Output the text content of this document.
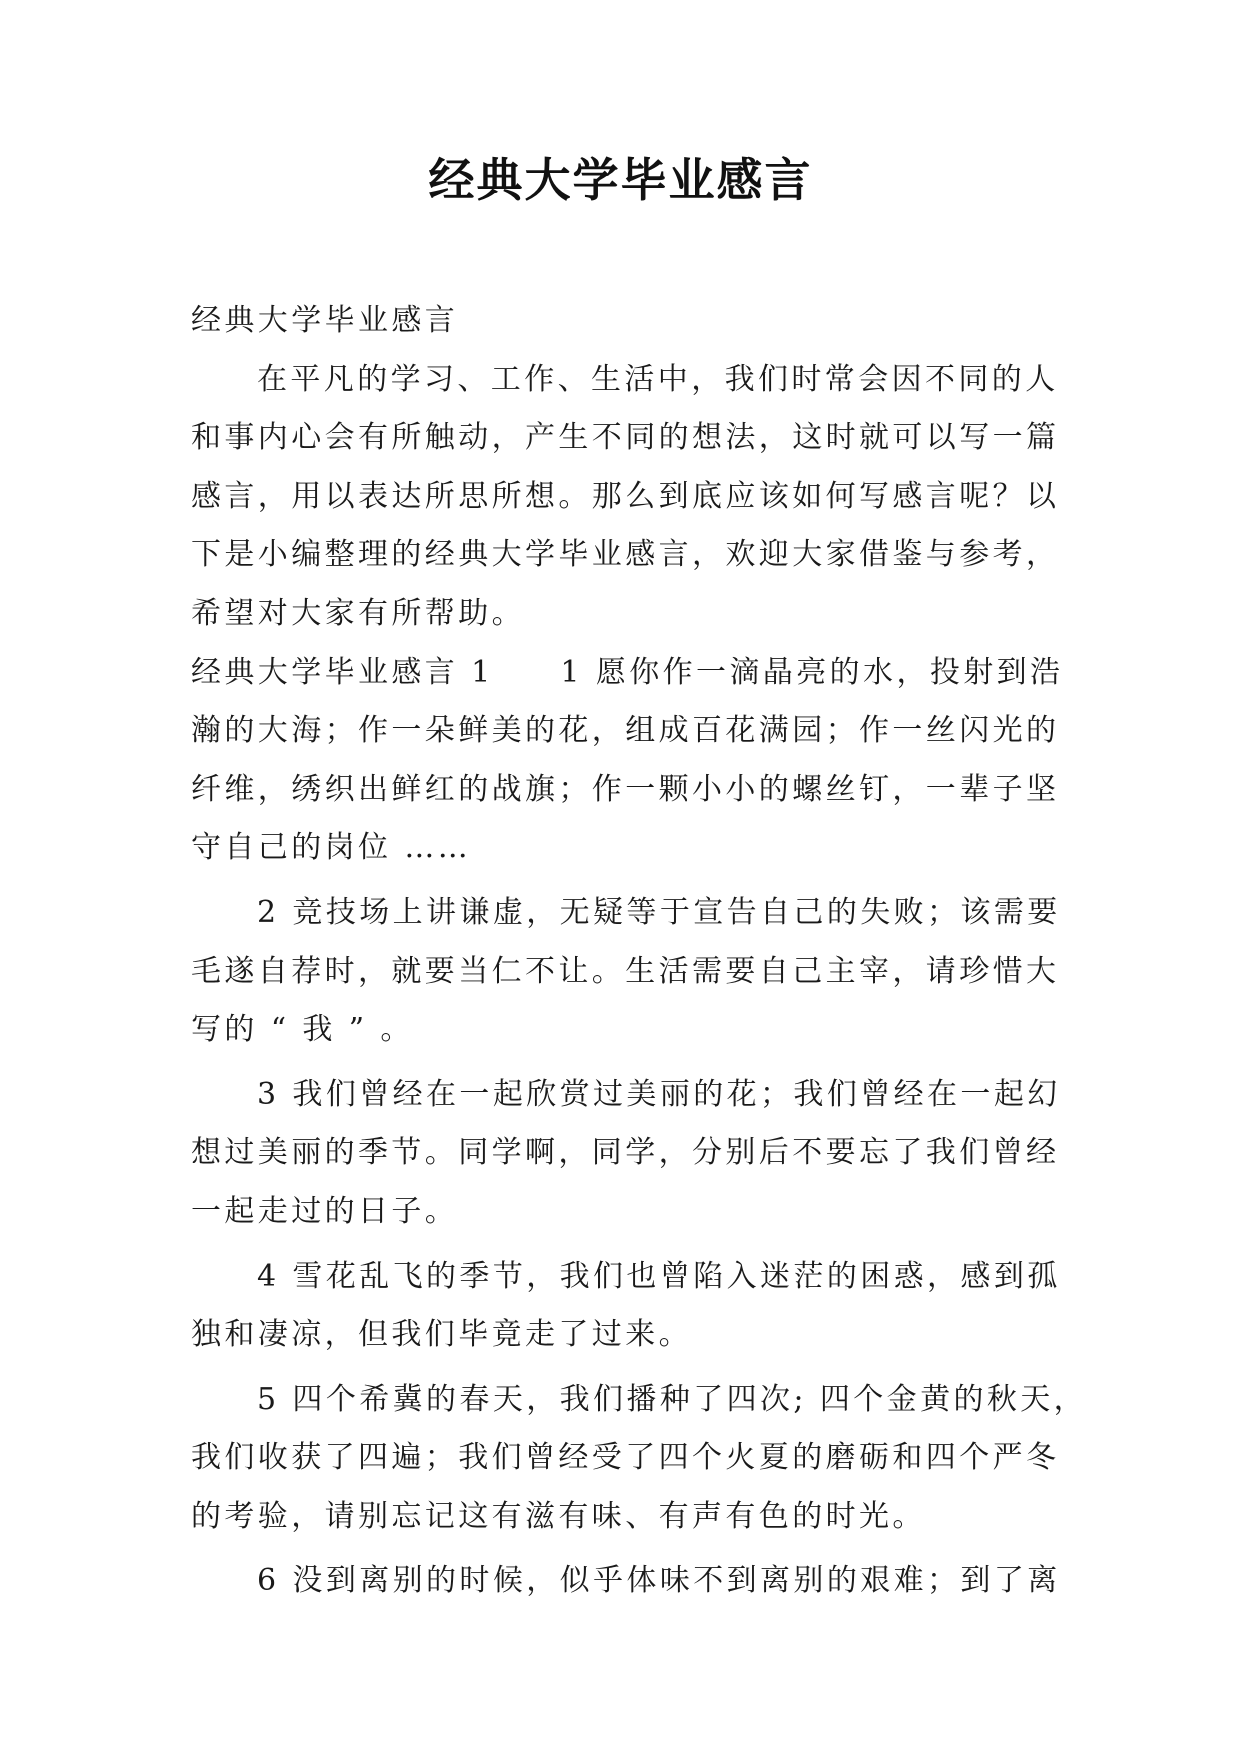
经典大学毕业感言
经典大学毕业感言
在平凡的学习、工作、生活中，我们时常会因不同的人
和事内心会有所触动，产生不同的想法，这时就可以写一篇
感言，用以表达所思所想。那么到底应该如何写感言呢？以
下是小编整理的经典大学毕业感言，欢迎大家借鉴与参考，
希望对大家有所帮助。
经典大学毕业感言 1　　1 愿你作一滴晶亮的水，投射到浩
瀚的大海；作一朵鲜美的花，组成百花满园；作一丝闪光的
纤维，绣织出鲜红的战旗；作一颗小小的螺丝钉，一辈子坚
守自己的岗位 ……
2 竞技场上讲谦虚，无疑等于宣告自己的失败；该需要
毛遂自荐时，就要当仁不让。生活需要自己主宰，请珍惜大
写的 “ 我 ” 。
3 我们曾经在一起欣赏过美丽的花；我们曾经在一起幻
想过美丽的季节。同学啊，同学，分别后不要忘了我们曾经
一起走过的日子。
4 雪花乱飞的季节，我们也曾陷入迷茫的困惑，感到孤
独和凄凉，但我们毕竟走了过来。
5 四个希冀的春天，我们播种了四次; 四个金黄的秋天，
我们收获了四遍；我们曾经受了四个火夏的磨砺和四个严冬
的考验，请别忘记这有滋有味、有声有色的时光。
6 没到离别的时候，似乎体味不到离别的艰难；到了离
